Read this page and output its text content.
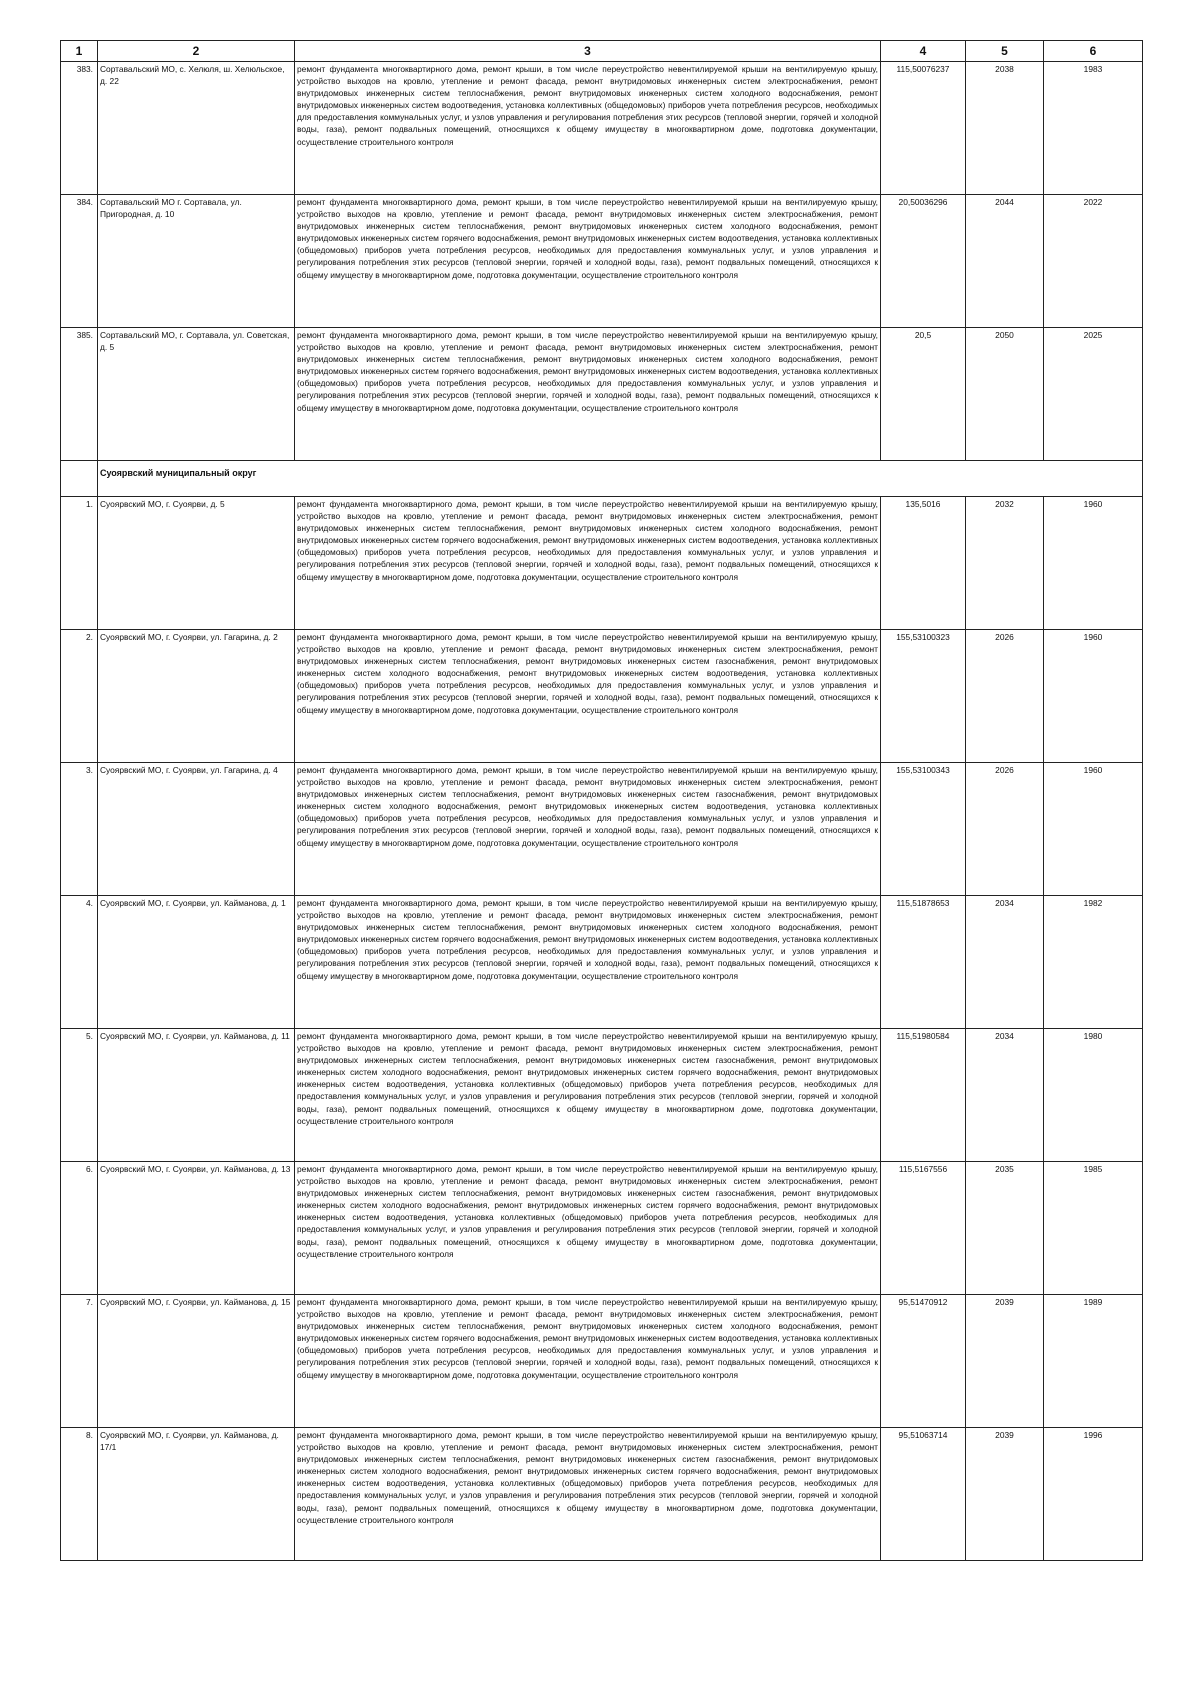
1	2	3	4	5	6
383.	Сортавальский МО, с. Хелюля, ш. Хелюльское, д. 22	ремонт фундамента многоквартирного дома, ремонт крыши, в том числе переустройство невентилируемой крыши на вентилируемую крышу, устройство выходов на кровлю, утепление и ремонт фасада, ремонт внутридомовых инженерных систем электроснабжения, ремонт внутридомовых инженерных систем теплоснабжения, ремонт внутридомовых инженерных систем холодного водоснабжения, ремонт внутридомовых инженерных систем водоотведения, установка коллективных (общедомовых) приборов учета потребления ресурсов, необходимых для предоставления коммунальных услуг, и узлов управления и регулирования потребления этих ресурсов (тепловой энергии, горячей и холодной воды, газа), ремонт подвальных помещений, относящихся к общему имуществу в многоквартирном доме, подготовка документации, осуществление строительного контроля	115,50076237	2038	1983
384.	Сортавальский МО г. Сортавала, ул. Пригородная, д. 10	ремонт фундамента многоквартирного дома, ремонт крыши, в том числе переустройство невентилируемой крыши на вентилируемую крышу, устройство выходов на кровлю, утепление и ремонт фасада, ремонт внутридомовых инженерных систем электроснабжения, ремонт внутридомовых инженерных систем теплоснабжения, ремонт внутридомовых инженерных систем холодного водоснабжения, ремонт внутридомовых инженерных систем горячего водоснабжения, ремонт внутридомовых инженерных систем водоотведения, установка коллективных (общедомовых) приборов учета потребления ресурсов, необходимых для предоставления коммунальных услуг, и узлов управления и регулирования потребления этих ресурсов (тепловой энергии, горячей и холодной воды, газа), ремонт подвальных помещений, относящихся к общему имуществу в многоквартирном доме, подготовка документации, осуществление строительного контроля	20,50036296	2044	2022
385.	Сортавальский МО, г. Сортавала, ул. Советская, д. 5	ремонт фундамента многоквартирного дома, ремонт крыши, в том числе переустройство невентилируемой крыши на вентилируемую крышу, устройство выходов на кровлю, утепление и ремонт фасада, ремонт внутридомовых инженерных систем электроснабжения, ремонт внутридомовых инженерных систем теплоснабжения, ремонт внутридомовых инженерных систем холодного водоснабжения, ремонт внутридомовых инженерных систем горячего водоснабжения, ремонт внутридомовых инженерных систем водоотведения, установка коллективных (общедомовых) приборов учета потребления ресурсов, необходимых для предоставления коммунальных услуг, и узлов управления и регулирования потребления этих ресурсов (тепловой энергии, горячей и холодной воды, газа), ремонт подвальных помещений, относящихся к общему имуществу в многоквартирном доме, подготовка документации, осуществление строительного контроля	20,5	2050	2025
	Суоярвский муниципальный округ				
1.	Суоярвский МО, г. Суоярви, д. 5	ремонт фундамента многоквартирного дома, ремонт крыши, в том числе переустройство невентилируемой крыши на вентилируемую крышу, устройство выходов на кровлю, утепление и ремонт фасада, ремонт внутридомовых инженерных систем электроснабжения, ремонт внутридомовых инженерных систем теплоснабжения, ремонт внутридомовых инженерных систем холодного водоснабжения, ремонт внутридомовых инженерных систем горячего водоснабжения, ремонт внутридомовых инженерных систем водоотведения, установка коллективных (общедомовых) приборов учета потребления ресурсов, необходимых для предоставления коммунальных услуг, и узлов управления и регулирования потребления этих ресурсов (тепловой энергии, горячей и холодной воды, газа), ремонт подвальных помещений, относящихся к общему имуществу в многоквартирном доме, подготовка документации, осуществление строительного контроля	135,5016	2032	1960
2.	Суоярвский МО, г. Суоярви, ул. Гагарина, д. 2	ремонт фундамента многоквартирного дома, ремонт крыши, в том числе переустройство невентилируемой крыши на вентилируемую крышу, устройство выходов на кровлю, утепление и ремонт фасада, ремонт внутридомовых инженерных систем электроснабжения, ремонт внутридомовых инженерных систем теплоснабжения, ремонт внутридомовых инженерных систем газоснабжения, ремонт внутридомовых инженерных систем холодного водоснабжения, ремонт внутридомовых инженерных систем водоотведения, установка коллективных (общедомовых) приборов учета потребления ресурсов, необходимых для предоставления коммунальных услуг, и узлов управления и регулирования потребления этих ресурсов (тепловой энергии, горячей и холодной воды, газа), ремонт подвальных помещений, относящихся к общему имуществу в многоквартирном доме, подготовка документации, осуществление строительного контроля	155,53100323	2026	1960
3.	Суоярвский МО, г. Суоярви, ул. Гагарина, д. 4	ремонт фундамента многоквартирного дома, ремонт крыши, в том числе переустройство невентилируемой крыши на вентилируемую крышу, устройство выходов на кровлю, утепление и ремонт фасада, ремонт внутридомовых инженерных систем электроснабжения, ремонт внутридомовых инженерных систем теплоснабжения, ремонт внутридомовых инженерных систем газоснабжения, ремонт внутридомовых инженерных систем холодного водоснабжения, ремонт внутридомовых инженерных систем водоотведения, установка коллективных (общедомовых) приборов учета потребления ресурсов, необходимых для предоставления коммунальных услуг, и узлов управления и регулирования потребления этих ресурсов (тепловой энергии, горячей и холодной воды, газа), ремонт подвальных помещений, относящихся к общему имуществу в многоквартирном доме, подготовка документации, осуществление строительного контроля	155,53100343	2026	1960
4.	Суоярвский МО, г. Суоярви, ул. Кайманова, д. 1	ремонт фундамента многоквартирного дома, ремонт крыши, в том числе переустройство невентилируемой крыши на вентилируемую крышу, устройство выходов на кровлю, утепление и ремонт фасада, ремонт внутридомовых инженерных систем электроснабжения, ремонт внутридомовых инженерных систем теплоснабжения, ремонт внутридомовых инженерных систем холодного водоснабжения, ремонт внутридомовых инженерных систем горячего водоснабжения, ремонт внутридомовых инженерных систем водоотведения, установка коллективных (общедомовых) приборов учета потребления ресурсов, необходимых для предоставления коммунальных услуг, и узлов управления и регулирования потребления этих ресурсов (тепловой энергии, горячей и холодной воды, газа), ремонт подвальных помещений, относящихся к общему имуществу в многоквартирном доме, подготовка документации, осуществление строительного контроля	115,51878653	2034	1982
5.	Суоярвский МО, г. Суоярви, ул. Кайманова, д. 11	ремонт фундамента многоквартирного дома, ремонт крыши, в том числе переустройство невентилируемой крыши на вентилируемую крышу, устройство выходов на кровлю, утепление и ремонт фасада, ремонт внутридомовых инженерных систем электроснабжения, ремонт внутридомовых инженерных систем теплоснабжения, ремонт внутридомовых инженерных систем газоснабжения, ремонт внутридомовых инженерных систем холодного водоснабжения, ремонт внутридомовых инженерных систем горячего водоснабжения, ремонт внутридомовых инженерных систем водоотведения, установка коллективных (общедомовых) приборов учета потребления ресурсов, необходимых для предоставления коммунальных услуг, и узлов управления и регулирования потребления этих ресурсов (тепловой энергии, горячей и холодной воды, газа), ремонт подвальных помещений, относящихся к общему имуществу в многоквартирном доме, подготовка документации, осуществление строительного контроля	115,51980584	2034	1980
6.	Суоярвский МО, г. Суоярви, ул. Кайманова, д. 13	ремонт фундамента многоквартирного дома, ремонт крыши, в том числе переустройство невентилируемой крыши на вентилируемую крышу, устройство выходов на кровлю, утепление и ремонт фасада, ремонт внутридомовых инженерных систем электроснабжения, ремонт внутридомовых инженерных систем теплоснабжения, ремонт внутридомовых инженерных систем газоснабжения, ремонт внутридомовых инженерных систем холодного водоснабжения, ремонт внутридомовых инженерных систем горячего водоснабжения, ремонт внутридомовых инженерных систем водоотведения, установка коллективных (общедомовых) приборов учета потребления ресурсов, необходимых для предоставления коммунальных услуг, и узлов управления и регулирования потребления этих ресурсов (тепловой энергии, горячей и холодной воды, газа), ремонт подвальных помещений, относящихся к общему имуществу в многоквартирном доме, подготовка документации, осуществление строительного контроля	115,5167556	2035	1985
7.	Суоярвский МО, г. Суоярви, ул. Кайманова, д. 15	ремонт фундамента многоквартирного дома, ремонт крыши, в том числе переустройство невентилируемой крыши на вентилируемую крышу, устройство выходов на кровлю, утепление и ремонт фасада, ремонт внутридомовых инженерных систем электроснабжения, ремонт внутридомовых инженерных систем теплоснабжения, ремонт внутридомовых инженерных систем холодного водоснабжения, ремонт внутридомовых инженерных систем горячего водоснабжения, ремонт внутридомовых инженерных систем водоотведения, установка коллективных (общедомовых) приборов учета потребления ресурсов, необходимых для предоставления коммунальных услуг, и узлов управления и регулирования потребления этих ресурсов (тепловой энергии, горячей и холодной воды, газа), ремонт подвальных помещений, относящихся к общему имуществу в многоквартирном доме, подготовка документации, осуществление строительного контроля	95,51470912	2039	1989
8.	Суоярвский МО, г. Суоярви, ул. Кайманова, д. 17/1	ремонт фундамента многоквартирного дома, ремонт крыши, в том числе переустройство невентилируемой крыши на вентилируемую крышу, устройство выходов на кровлю, утепление и ремонт фасада, ремонт внутридомовых инженерных систем электроснабжения, ремонт внутридомовых инженерных систем теплоснабжения, ремонт внутридомовых инженерных систем газоснабжения, ремонт внутридомовых инженерных систем холодного водоснабжения, ремонт внутридомовых инженерных систем горячего водоснабжения, ремонт внутридомовых инженерных систем водоотведения, установка коллективных (общедомовых) приборов учета потребления ресурсов, необходимых для предоставления коммунальных услуг, и узлов управления и регулирования потребления этих ресурсов (тепловой энергии, горячей и холодной воды, газа), ремонт подвальных помещений, относящихся к общему имуществу в многоквартирном доме, подготовка документации, осуществление строительного контроля	95,51063714	2039	1996
